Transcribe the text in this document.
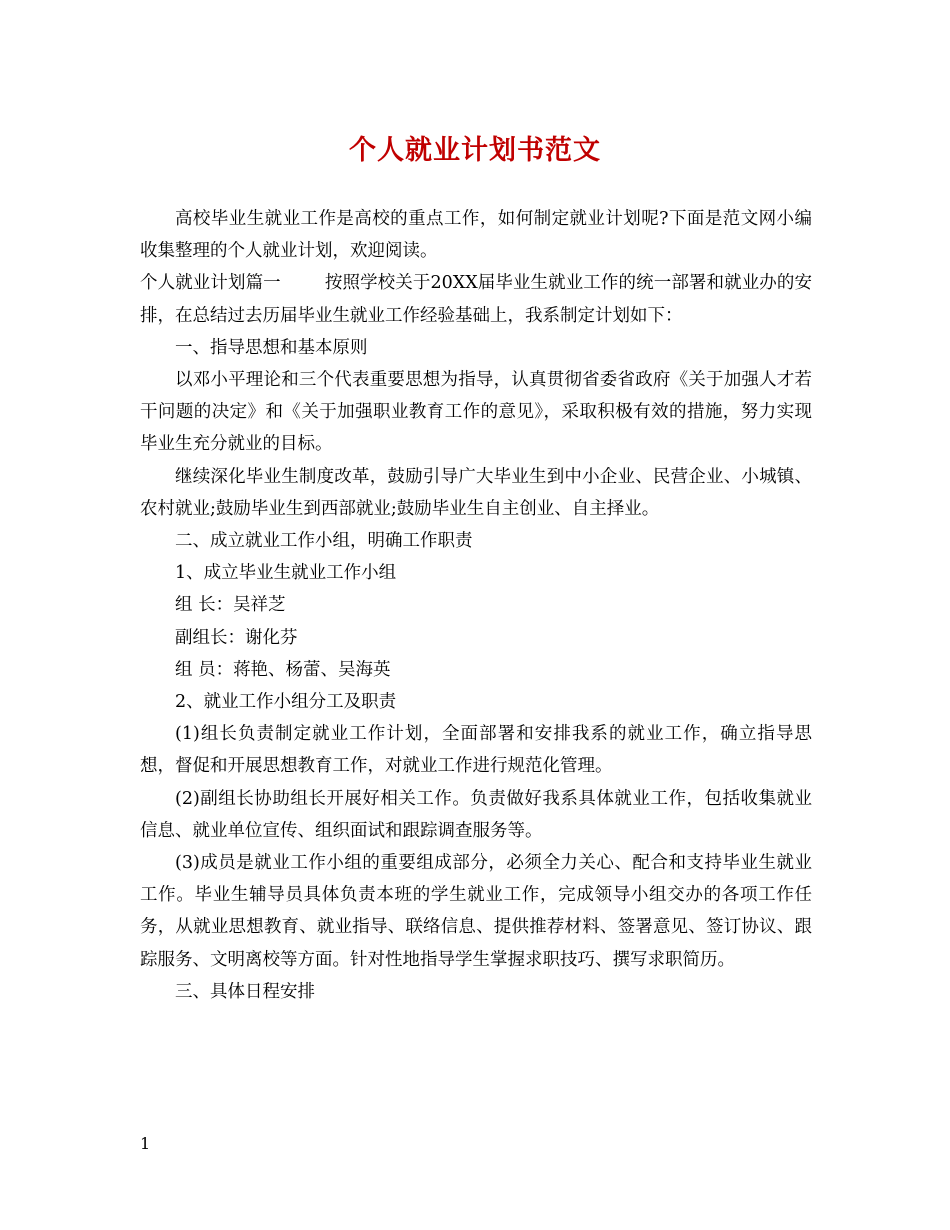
个人就业计划书范文

高校毕业生就业工作是高校的重点工作，如何制定就业计划呢?下面是范文网小编收集整理的个人就业计划，欢迎阅读。

个人就业计划篇一	按照学校关于20XX届毕业生就业工作的统一部署和就业办的安排，在总结过去历届毕业生就业工作经验基础上，我系制定计划如下：

一、指导思想和基本原则

以邓小平理论和三个代表重要思想为指导，认真贯彻省委省政府《关于加强人才若干问题的决定》和《关于加强职业教育工作的意见》，采取积极有效的措施，努力实现毕业生充分就业的目标。

继续深化毕业生制度改革，鼓励引导广大毕业生到中小企业、民营企业、小城镇、农村就业;鼓励毕业生到西部就业;鼓励毕业生自主创业、自主择业。

二、成立就业工作小组，明确工作职责

1、成立毕业生就业工作小组

组 长：吴祥芝

副组长：谢化芬

组 员：蒋艳、杨蕾、吴海英

2、就业工作小组分工及职责

(1)组长负责制定就业工作计划，全面部署和安排我系的就业工作，确立指导思想，督促和开展思想教育工作，对就业工作进行规范化管理。

(2)副组长协助组长开展好相关工作。负责做好我系具体就业工作，包括收集就业信息、就业单位宣传、组织面试和跟踪调查服务等。

(3)成员是就业工作小组的重要组成部分，必须全力关心、配合和支持毕业生就业工作。毕业生辅导员具体负责本班的学生就业工作，完成领导小组交办的各项工作任务，从就业思想教育、就业指导、联络信息、提供推荐材料、签署意见、签订协议、跟踪服务、文明离校等方面。针对性地指导学生掌握求职技巧、撰写求职简历。

三、具体日程安排

1
